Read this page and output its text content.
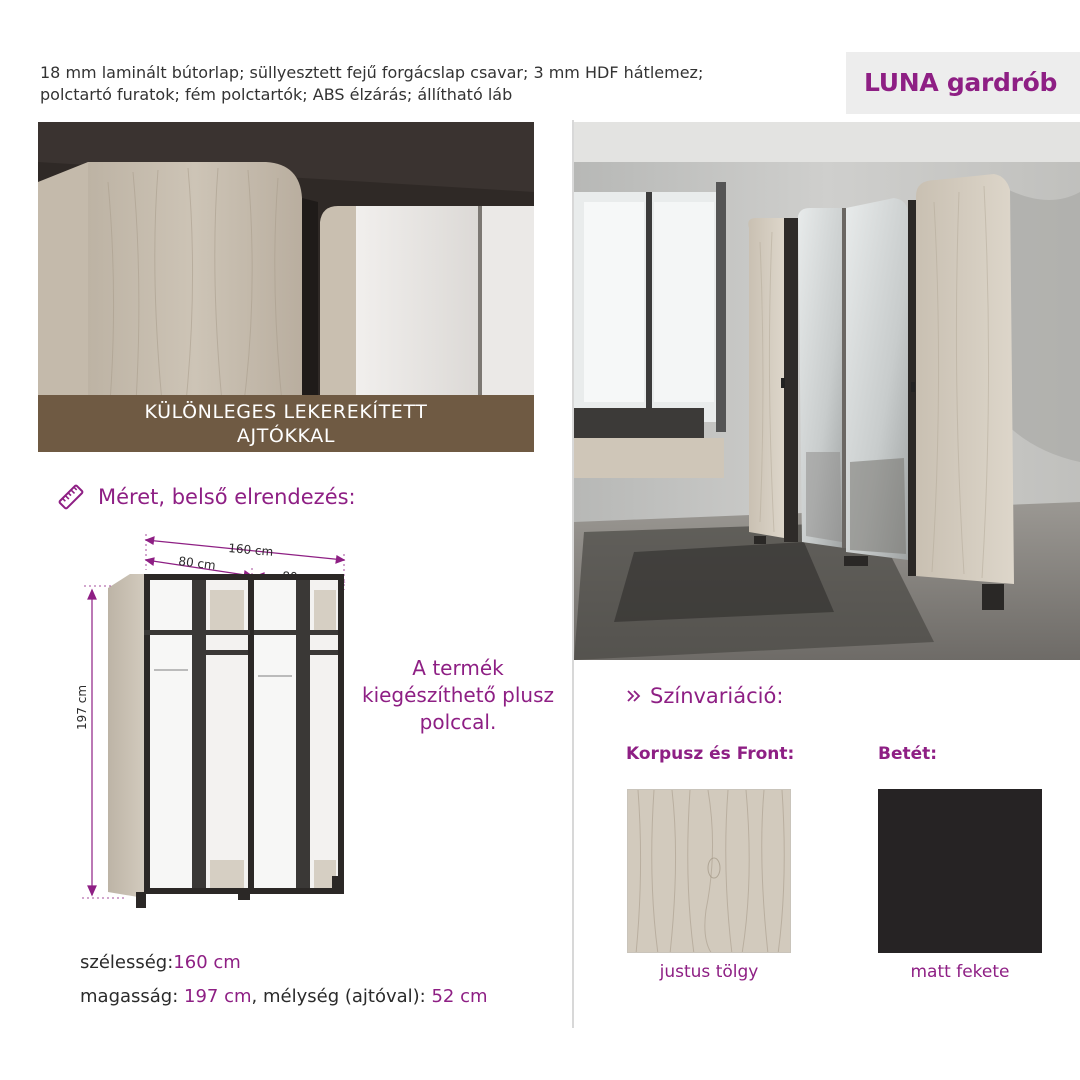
18 mm laminált bútorlap; süllyesztett fejű forgácslap csavar; 3 mm HDF hátlemez;
polctartó furatok; fém polctartók; ABS élzárás; állítható láb	LUNA gardrób
KÜLÖNLEGES LEKEREKÍTETT AJTÓKKAL
Méret, belső elrendezés:
160 cm
80 cm
197 cm
A termék kiegészíthető plusz polccal.
szélesség:160 cm
magasság: 197 cm, mélység (ajtóval): 52 cm
Színvariáció:
Korpusz és Front:	Betét:
justus tölgy	matt fekete
